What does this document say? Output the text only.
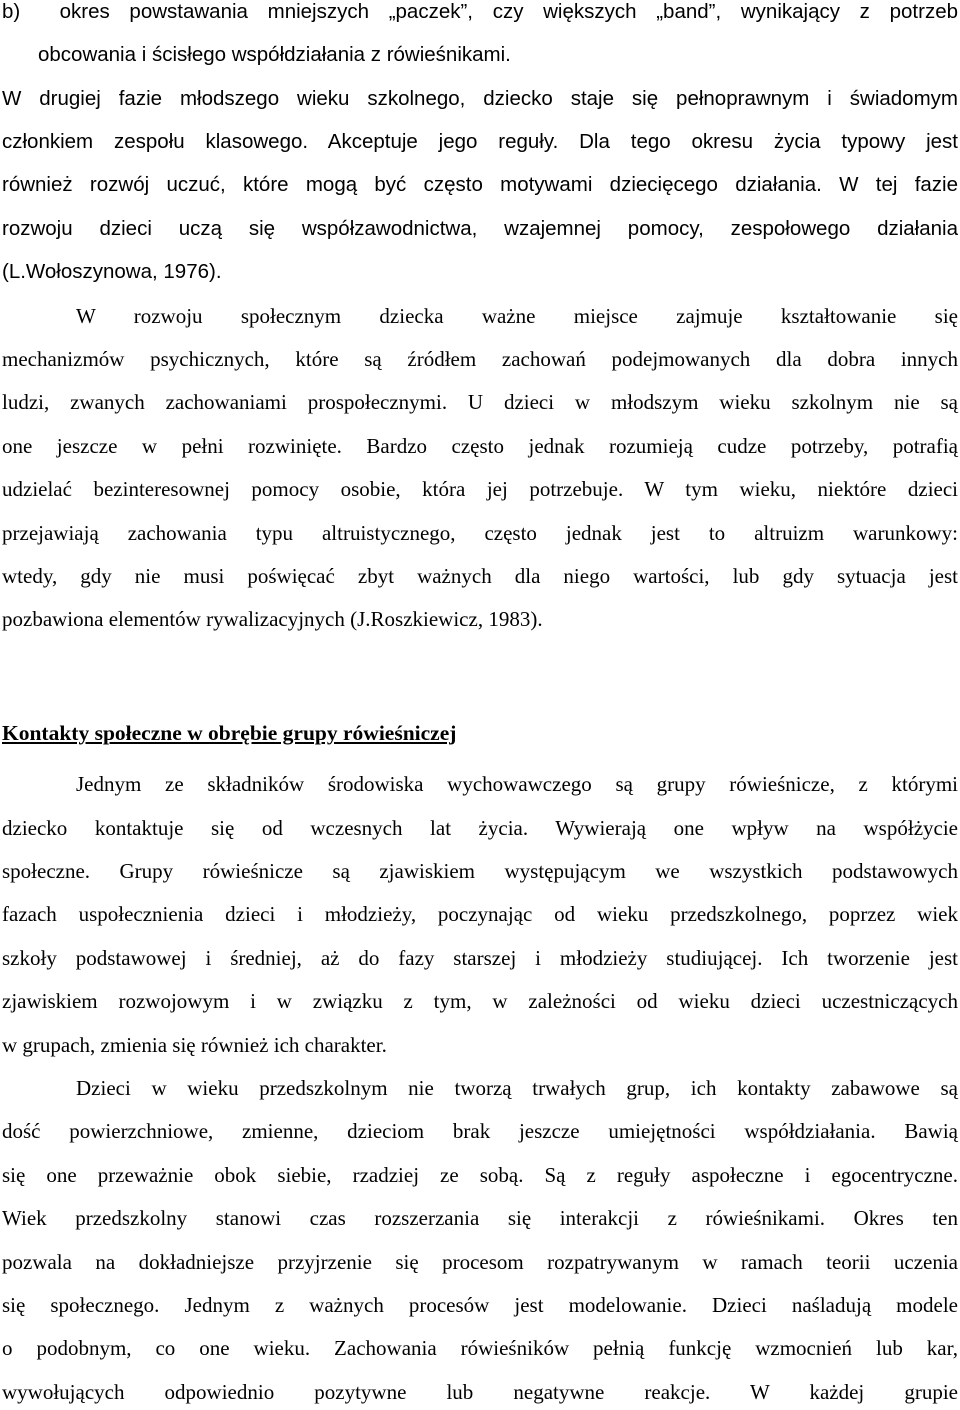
b)  okres powstawania mniejszych „paczek”, czy większych „band”, wynikający z potrzeb
obcowania i ścisłego współdziałania z rówieśnikami.
W drugiej fazie młodszego wieku szkolnego, dziecko staje się pełnoprawnym i świadomym
członkiem zespołu klasowego. Akceptuje jego reguły. Dla tego okresu życia typowy jest
również rozwój uczuć, które mogą być często motywami dziecięcego działania. W tej fazie
rozwoju dzieci uczą się współzawodnictwa, wzajemnej pomocy, zespołowego działania
(L.Wołoszynowa, 1976).
W rozwoju społecznym dziecka ważne miejsce zajmuje kształtowanie się
mechanizmów psychicznych, które są źródłem zachowań podejmowanych dla dobra innych
ludzi, zwanych zachowaniami prospołecznymi. U dzieci w młodszym wieku szkolnym nie są
one jeszcze w pełni rozwinięte. Bardzo często jednak rozumieją cudze potrzeby, potrafią
udzielać bezinteresownej pomocy osobie, która jej potrzebuje. W tym wieku, niektóre dzieci
przejawiają zachowania typu altruistycznego, często jednak jest to altruizm warunkowy:
wtedy, gdy nie musi poświęcać zbyt ważnych dla niego wartości, lub gdy sytuacja jest
pozbawiona elementów rywalizacyjnych (J.Roszkiewicz, 1983).
Kontakty społeczne w obrębie grupy rówieśniczej
Jednym ze składników środowiska wychowawczego są grupy rówieśnicze, z którymi
dziecko kontaktuje się od wczesnych lat życia. Wywierają one wpływ na współżycie
społeczne. Grupy rówieśnicze są zjawiskiem występującym we wszystkich podstawowych
fazach uspołecznienia dzieci i młodzieży, poczynając od wieku przedszkolnego, poprzez wiek
szkoły podstawowej i średniej, aż do fazy starszej i młodzieży studiującej. Ich tworzenie jest
zjawiskiem rozwojowym i w związku z tym, w zależności od wieku dzieci uczestniczących
w grupach, zmienia się również ich charakter.
Dzieci w wieku przedszkolnym nie tworzą trwałych grup, ich kontakty zabawowe są
dość powierzchniowe, zmienne, dzieciom brak jeszcze umiejętności współdziałania. Bawią
się one przeważnie obok siebie, rzadziej ze sobą. Są z reguły aspołeczne i egocentryczne.
Wiek przedszkolny stanowi czas rozszerzania się interakcji z rówieśnikami. Okres ten
pozwala na dokładniejsze przyjrzenie się procesom rozpatrywanym w ramach teorii uczenia
się społecznego. Jednym z ważnych procesów jest modelowanie. Dzieci naśladują modele
o podobnym, co one wieku. Zachowania rówieśników pełnią funkcję wzmocnień lub kar,
wywołujących odpowiednio pozytywne lub negatywne reakcje. W każdej grupie
